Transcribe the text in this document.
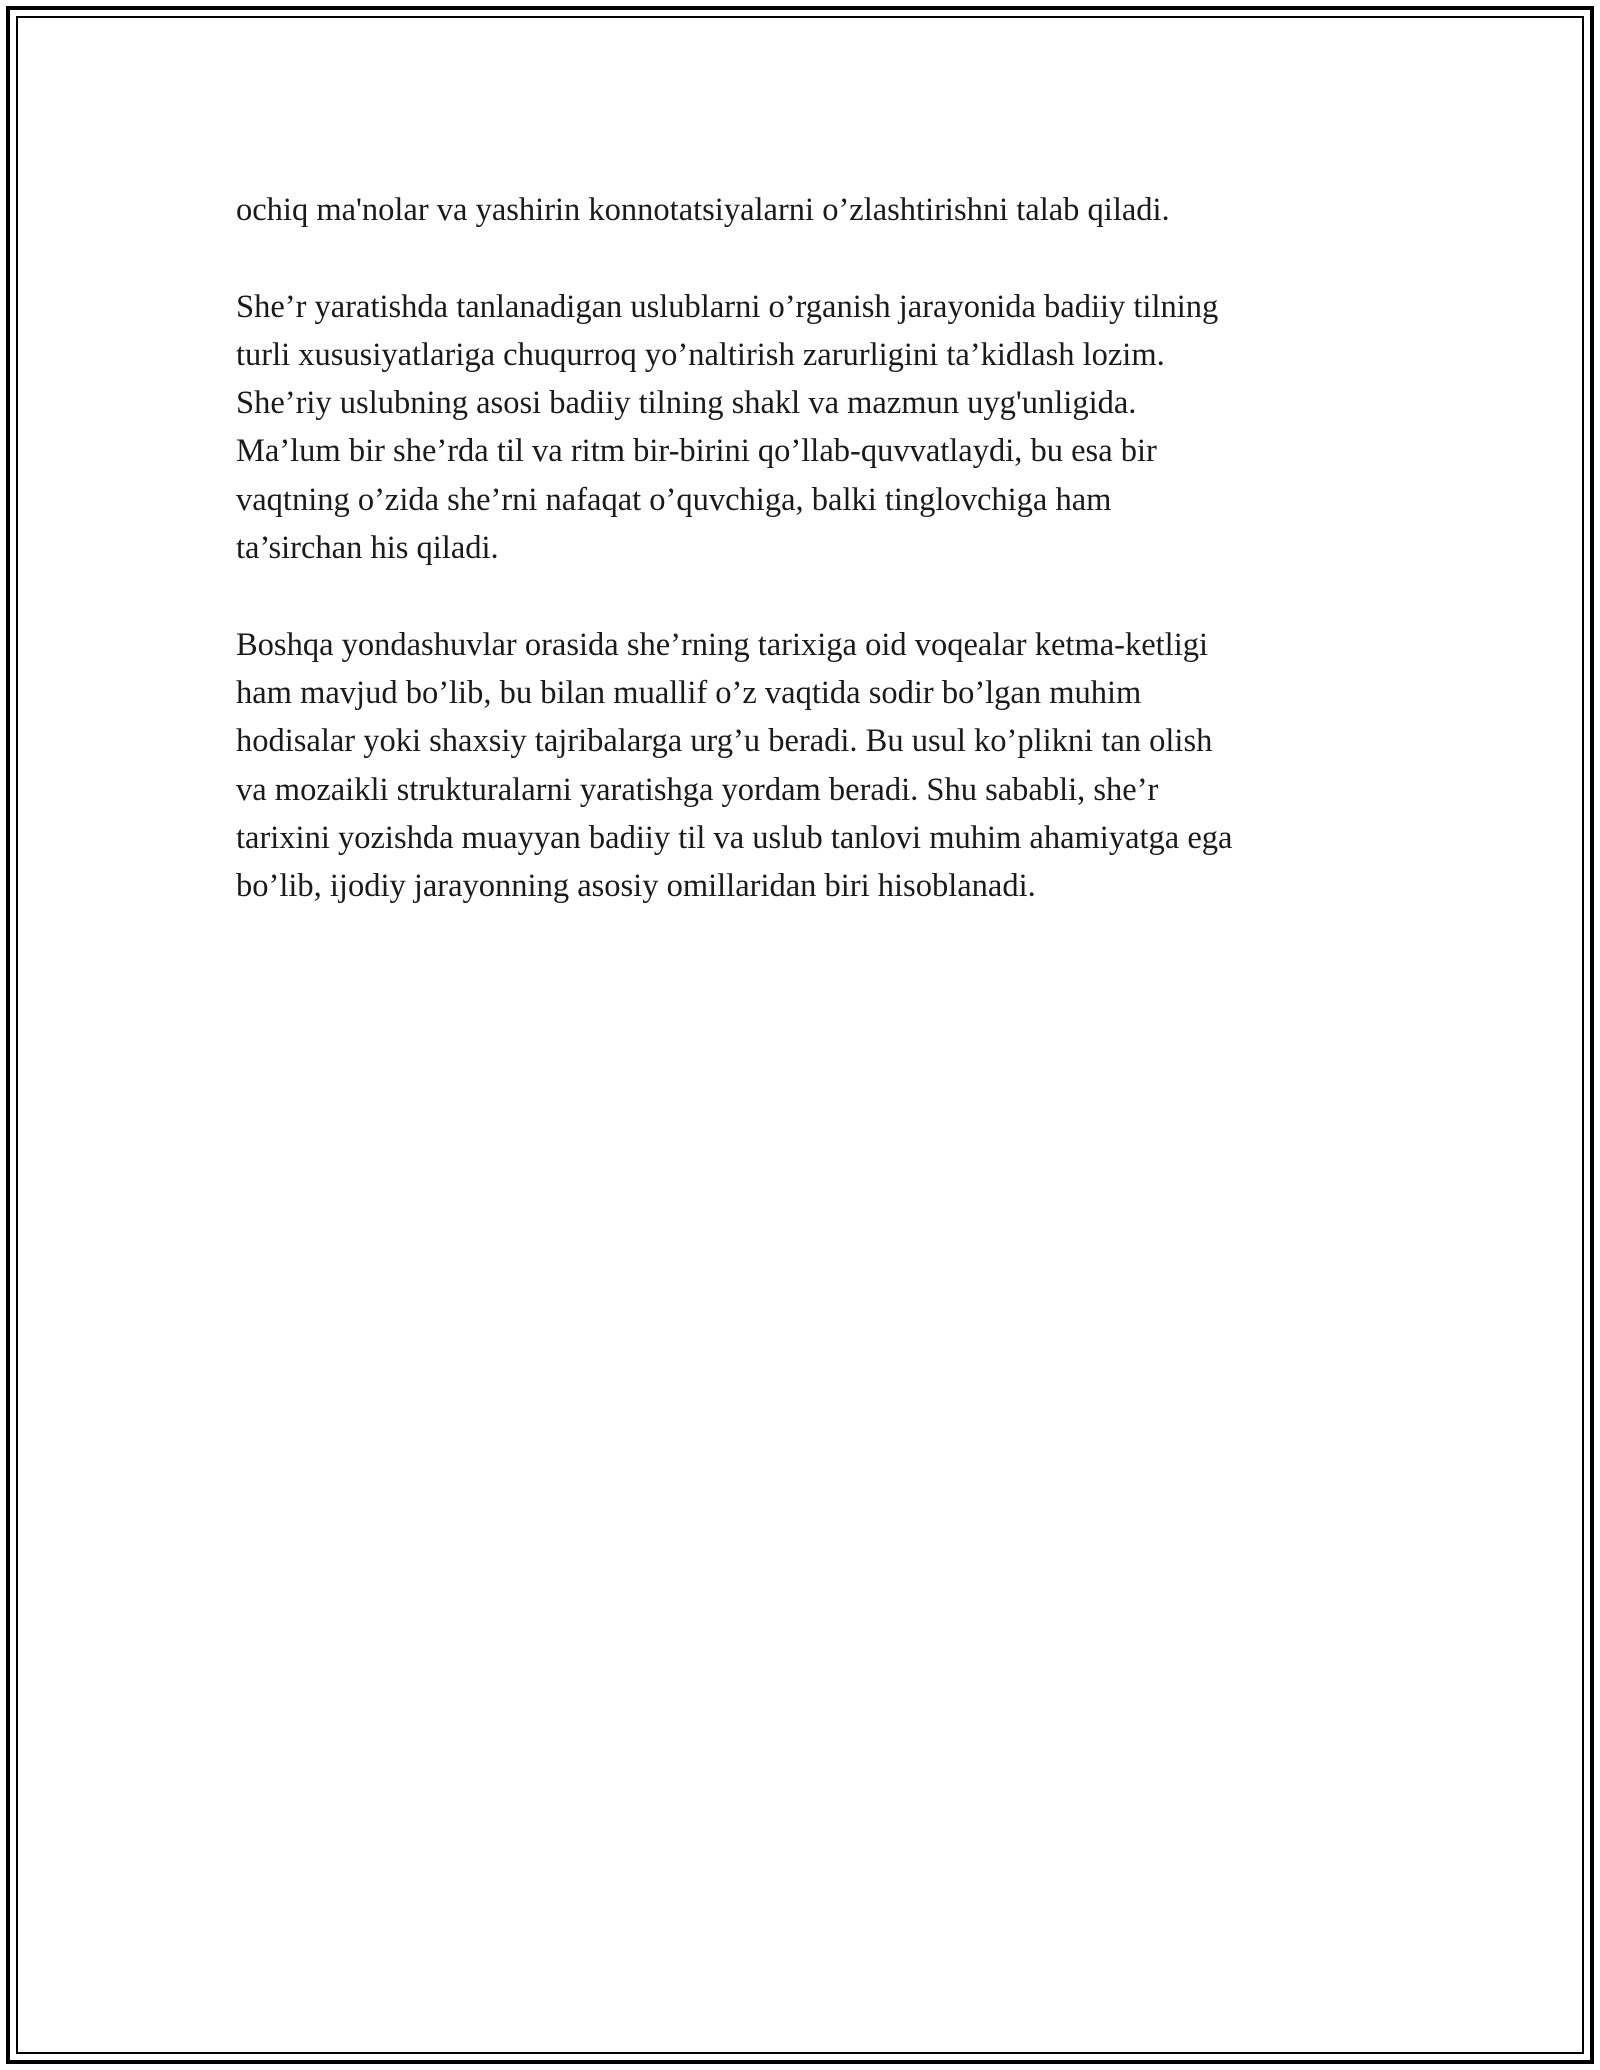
ochiq ma'nolar va yashirin konnotatsiyalarni o’zlashtirishni talab qiladi.

She’r yaratishda tanlanadigan uslublarni o’rganish jarayonida badiiy tilning
turli xususiyatlariga chuqurroq yo’naltirish zarurligini ta’kidlash lozim.
She’riy uslubning asosi badiiy tilning shakl va mazmun uyg'unligida.
Ma’lum bir she’rda til va ritm bir-birini qo’llab-quvvatlaydi, bu esa bir
vaqtning o’zida she’rni nafaqat o’quvchiga, balki tinglovchiga ham
ta’sirchan his qiladi.

Boshqa yondashuvlar orasida she’rning tarixiga oid voqealar ketma-ketligi
ham mavjud bo’lib, bu bilan muallif o’z vaqtida sodir bo’lgan muhim
hodisalar yoki shaxsiy tajribalarga urg’u beradi. Bu usul ko’plikni tan olish
va mozaikli strukturalarni yaratishga yordam beradi. Shu sababli, she’r
tarixini yozishda muayyan badiiy til va uslub tanlovi muhim ahamiyatga ega
bo’lib, ijodiy jarayonning asosiy omillaridan biri hisoblanadi.
